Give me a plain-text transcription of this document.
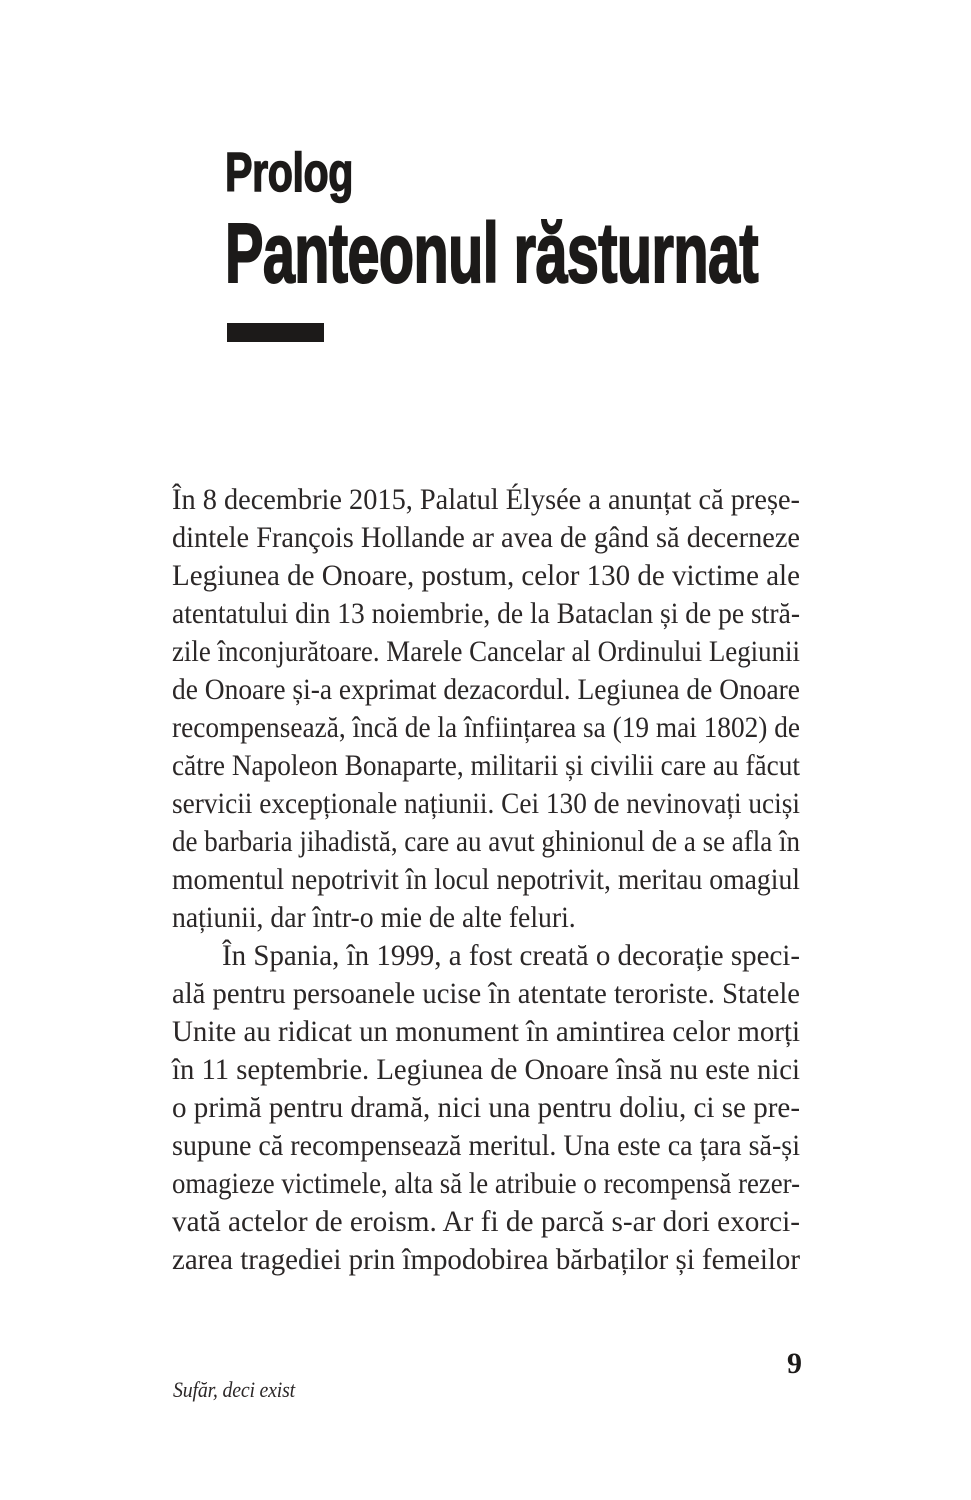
Prolog
Panteonul răsturnat
În 8 decembrie 2015, Palatul Élysée a anunțat că preșe-
dintele François Hollande ar avea de gând să decerneze
Legiunea de Onoare, postum, celor 130 de victime ale
atentatului din 13 noiembrie, de la Bataclan și de pe stră-
zile înconjurătoare. Marele Cancelar al Ordinului Legiunii
de Onoare și-a exprimat dezacordul. Legiunea de Onoare
recompensează, încă de la înființarea sa (19 mai 1802) de
către Napoleon Bonaparte, militarii și civilii care au făcut
servicii excepționale națiunii. Cei 130 de nevinovați uciși
de barbaria jihadistă, care au avut ghinionul de a se afla în
momentul nepotrivit în locul nepotrivit, meritau omagiul
națiunii, dar într-o mie de alte feluri.
În Spania, în 1999, a fost creată o decorație speci-
ală pentru persoanele ucise în atentate teroriste. Statele
Unite au ridicat un monument în amintirea celor morți
în 11 septembrie. Legiunea de Onoare însă nu este nici
o primă pentru dramă, nici una pentru doliu, ci se pre-
supune că recompensează meritul. Una este ca țara să-și
omagieze victimele, alta să le atribuie o recompensă rezer-
vată actelor de eroism. Ar fi de parcă s-ar dori exorci-
zarea tragediei prin împodobirea bărbaților și femeilor
9
Sufăr, deci exist
